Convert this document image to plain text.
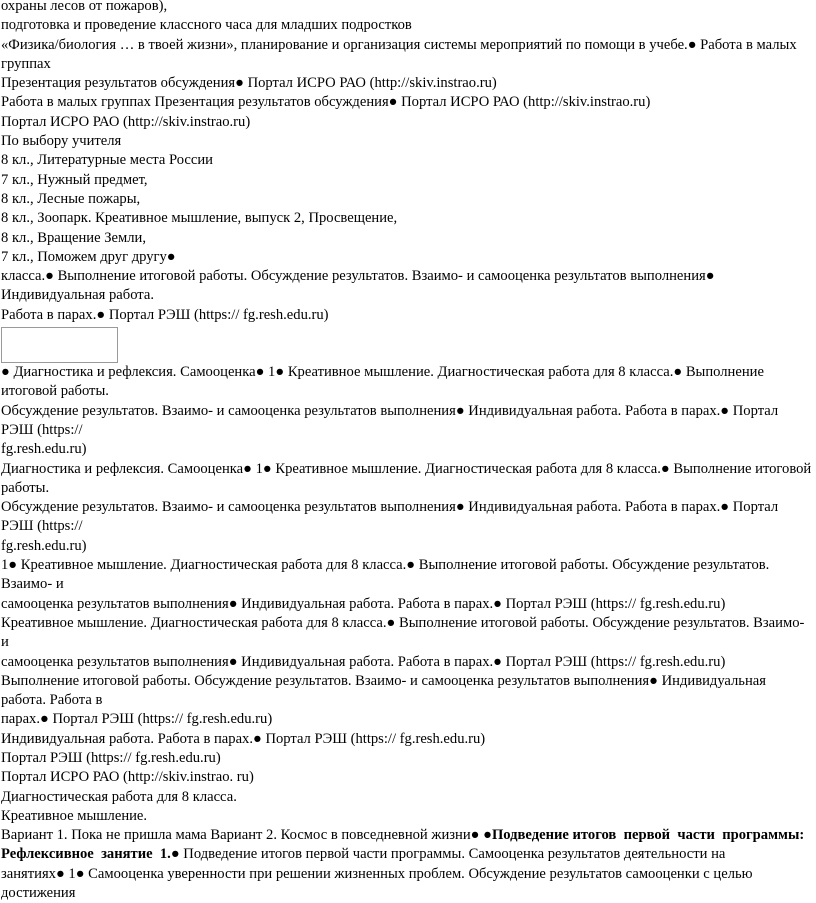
охраны лесов от пожаров),
подготовка и проведение классного часа для младших подростков
«Физика/биология … в твоей жизни», планирование и организация системы мероприятий по помощи в учебе.● Работа в малых группах
Презентация результатов обсуждения● Портал ИСРО РАО (http://skiv.instrao.ru)
Работа в малых группах Презентация результатов обсуждения● Портал ИСРО РАО (http://skiv.instrao.ru)
Портал ИСРО РАО (http://skiv.instrao.ru)
По выбору учителя
8 кл., Литературные места России
7 кл., Нужный предмет,
8 кл., Лесные пожары,
8 кл., Зоопарк. Креативное мышление, выпуск 2, Просвещение,
8 кл., Вращение Земли,
7 кл., Поможем друг другу●
класса.● Выполнение итоговой работы. Обсуждение результатов. Взаимо- и самооценка результатов выполнения● Индивидуальная работа.
Работа в парах.● Портал РЭШ (https:// fg.resh.edu.ru)
● Диагностика и рефлексия. Самооценка● 1● Креативное мышление. Диагностическая работа для 8 класса.● Выполнение итоговой работы.
Обсуждение результатов. Взаимо- и самооценка результатов выполнения● Индивидуальная работа. Работа в парах.● Портал РЭШ (https://
fg.resh.edu.ru)
Диагностика и рефлексия. Самооценка● 1● Креативное мышление. Диагностическая работа для 8 класса.● Выполнение итоговой работы.
Обсуждение результатов. Взаимо- и самооценка результатов выполнения● Индивидуальная работа. Работа в парах.● Портал РЭШ (https://
fg.resh.edu.ru)
1● Креативное мышление. Диагностическая работа для 8 класса.● Выполнение итоговой работы. Обсуждение результатов. Взаимо- и
самооценка результатов выполнения● Индивидуальная работа. Работа в парах.● Портал РЭШ (https:// fg.resh.edu.ru)
Креативное мышление. Диагностическая работа для 8 класса.● Выполнение итоговой работы. Обсуждение результатов. Взаимо- и
самооценка результатов выполнения● Индивидуальная работа. Работа в парах.● Портал РЭШ (https:// fg.resh.edu.ru)
Выполнение итоговой работы. Обсуждение результатов. Взаимо- и самооценка результатов выполнения● Индивидуальная работа. Работа в
парах.● Портал РЭШ (https:// fg.resh.edu.ru)
Индивидуальная работа. Работа в парах.● Портал РЭШ (https:// fg.resh.edu.ru)
Портал РЭШ (https:// fg.resh.edu.ru)
Портал ИСРО РАО (http://skiv.instrao. ru)
Диагностическая работа для 8 класса.
Креативное мышление.
Вариант 1. Пока не пришла мама Вариант 2. Космос в повседневной жизни● ●Подведение итогов  первой  части  программы:
Рефлексивное  занятие  1.● Подведение итогов первой части программы. Самооценка результатов деятельности на
занятиях● 1● Самооценка уверенности при решении жизненных проблем. Обсуждение результатов самооценки с целью достижения
